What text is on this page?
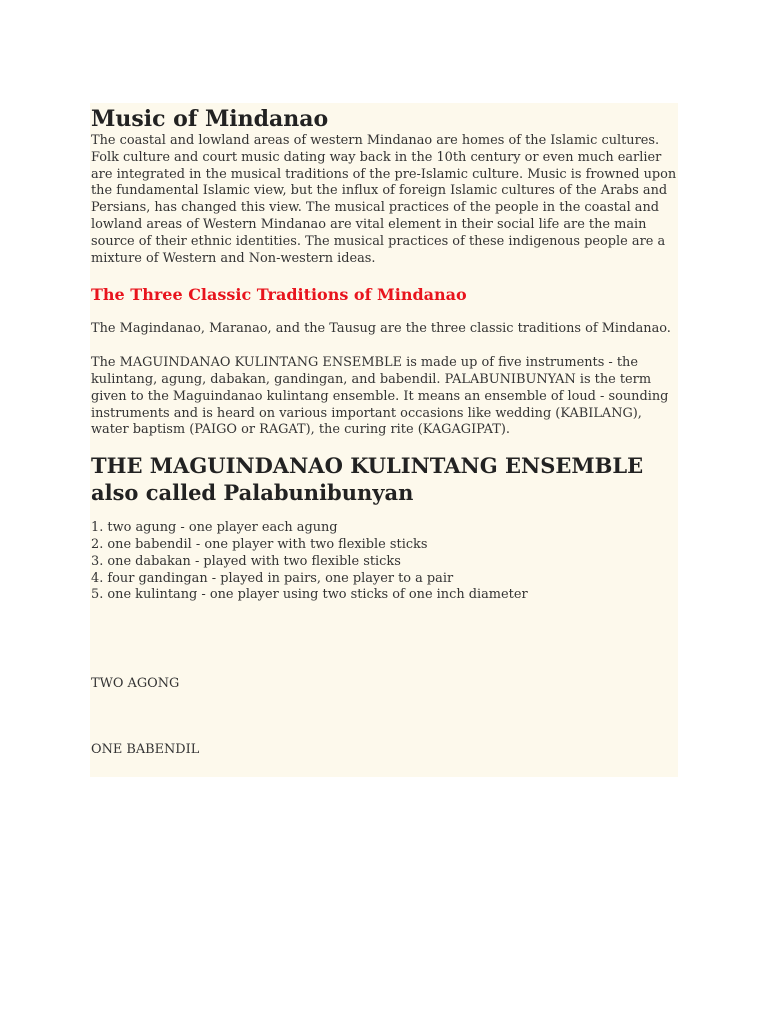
Music of Mindanao

The coastal and lowland areas of western Mindanao are homes of the Islamic cultures. Folk culture and court music dating way back in the 10th century or even much earlier are integrated in the musical traditions of the pre-Islamic culture. Music is frowned upon the fundamental Islamic view, but the influx of foreign Islamic cultures of the Arabs and Persians, has changed this view. The musical practices of the people in the coastal and lowland areas of Western Mindanao are vital element in their social life are the main source of their ethnic identities. The musical practices of these indigenous people are a mixture of Western and Non-western ideas.

The Three Classic Traditions of Mindanao

The Magindanao, Maranao, and the Tausug are the three classic traditions of Mindanao.

The MAGUINDANAO KULINTANG ENSEMBLE is made up of five instruments - the kulintang, agung, dabakan, gandingan, and babendil. PALABUNIBUNYAN is the term given to the Maguindanao kulintang ensemble. It means an ensemble of loud - sounding instruments and is heard on various important occasions like wedding (KABILANG), water baptism (PAIGO or RAGAT), the curing rite (KAGAGIPAT).

THE MAGUINDANAO KULINTANG ENSEMBLE also called Palabunibunyan
1. two agung - one player each agung
2. one babendil - one player with two flexible sticks
3. one dabakan - played with two flexible sticks
4. four gandingan - played in pairs, one player to a pair
5. one kulintang - one player using two sticks of one inch diameter

TWO AGONG

ONE BABENDIL
